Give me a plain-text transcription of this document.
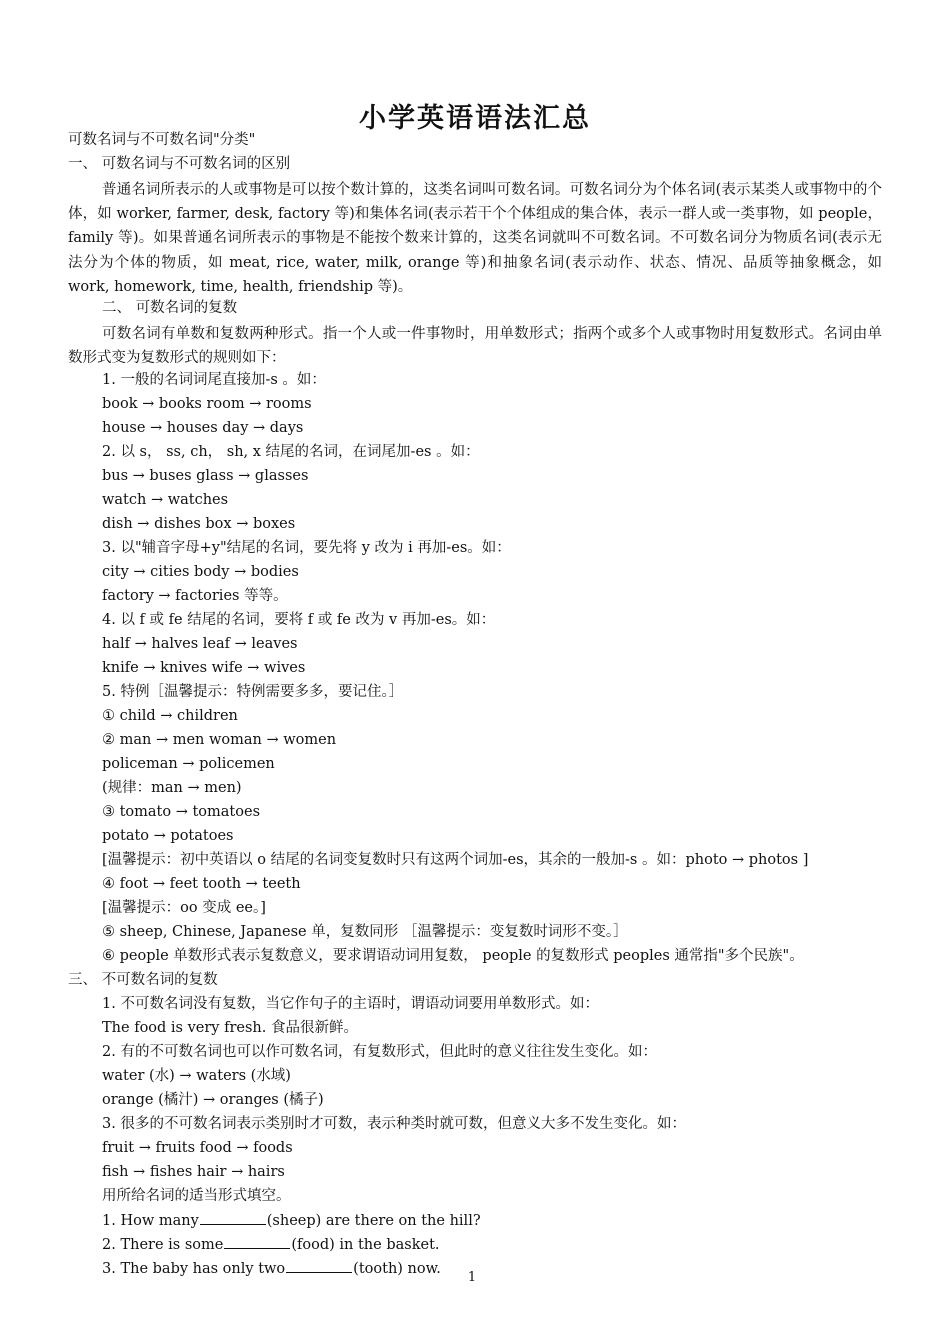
小学英语语法汇总
可数名词与不可数名词"分类"
一、 可数名词与不可数名词的区别
普通名词所表示的人或事物是可以按个数计算的，这类名词叫可数名词。可数名词分为个体名词(表示某类人或事物中的个体，如 worker, farmer, desk, factory 等)和集体名词(表示若干个个体组成的集合体，表示一群人或一类事物，如 people，family 等)。如果普通名词所表示的事物是不能按个数来计算的，这类名词就叫不可数名词。不可数名词分为物质名词(表示无法分为个体的物质，如 meat, rice, water, milk, orange 等)和抽象名词(表示动作、状态、情况、品质等抽象概念，如 work, homework, time, health, friendship 等)。
二、 可数名词的复数
可数名词有单数和复数两种形式。指一个人或一件事物时，用单数形式；指两个或多个人或事物时用复数形式。名词由单数形式变为复数形式的规则如下：
1. 一般的名词词尾直接加-s 。如：
book → books room → rooms
house → houses day → days
2. 以 s， ss, ch， sh, x 结尾的名词，在词尾加-es 。如：
bus → buses glass → glasses
watch → watches
dish → dishes box → boxes
3. 以"辅音字母+y"结尾的名词，要先将 y 改为 i 再加-es。如：
city → cities body → bodies
factory → factories 等等。
4. 以 f 或 fe 结尾的名词，要将 f 或 fe 改为 v 再加-es。如：
half → halves leaf → leaves
knife → knives wife → wives
5. 特例［温馨提示：特例需要多多，要记住。］
① child → children
② man → men woman → women
policeman → policemen
(规律：man → men)
③ tomato → tomatoes
potato → potatoes
[温馨提示：初中英语以 o 结尾的名词变复数时只有这两个词加-es，其余的一般加-s 。如：photo → photos ]
④ foot → feet tooth → teeth
[温馨提示：oo 变成 ee。]
⑤ sheep, Chinese, Japanese 单，复数同形 ［温馨提示：变复数时词形不变。］
⑥ people 单数形式表示复数意义，要求谓语动词用复数， people 的复数形式 peoples 通常指"多个民族"。
三、 不可数名词的复数
1. 不可数名词没有复数，当它作句子的主语时，谓语动词要用单数形式。如：
The food is very fresh. 食品很新鲜。
2. 有的不可数名词也可以作可数名词，有复数形式，但此时的意义往往发生变化。如：
water (水) → waters (水域)
orange (橘汁) → oranges (橘子)
3. 很多的不可数名词表示类别时才可数，表示种类时就可数，但意义大多不发生变化。如：
fruit → fruits food → foods
fish → fishes hair → hairs
用所给名词的适当形式填空。
1. How many	(sheep) are there on the hill?
2. There is some	(food) in the basket.
3. The baby has only two	(tooth) now.
1
